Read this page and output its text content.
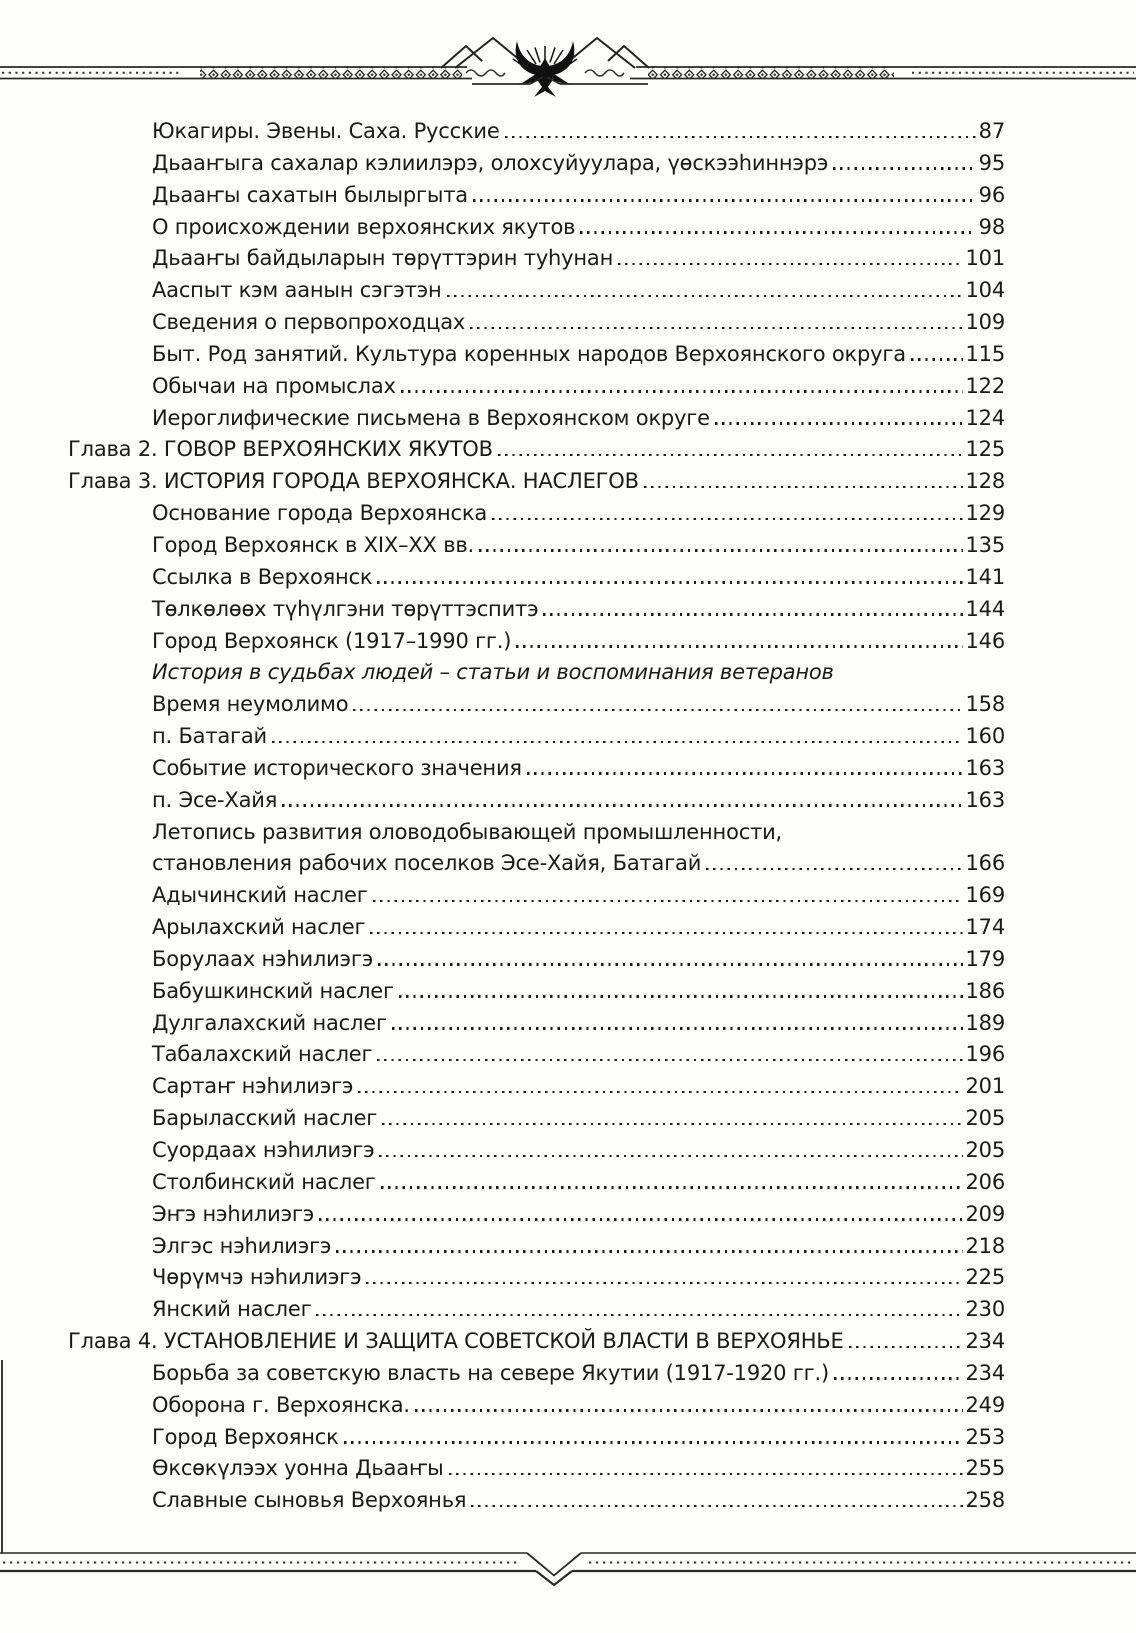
Юкагиры. Эвены. Саха. Русские	87
Дьааҥыга сахалар кэлиилэрэ, олохсуйуулара, үөскээһиннэрэ	95
Дьааҥы сахатын былыргыта	96
О происхождении верхоянских якутов	98
Дьааҥы байдыларын төрүттэрин туһунан	101
Ааспыт кэм аанын сэгэтэн	104
Сведения о первопроходцах	109
Быт. Род занятий. Культура коренных народов Верхоянского округа	115
Обычаи на промыслах	122
Иероглифические письмена в Верхоянском округе	124
Глава 2. ГОВОР ВЕРХОЯНСКИХ ЯКУТОВ	125
Глава 3. ИСТОРИЯ ГОРОДА ВЕРХОЯНСКА. НАСЛЕГОВ	128
Основание города Верхоянска	129
Город Верхоянск в XIX–XX вв.	135
Ссылка в Верхоянск	141
Төлкөлөөх түһүлгэни төрүттэспитэ	144
Город Верхоянск (1917–1990 гг.)	146
История в судьбах людей – статьи и воспоминания ветеранов
Время неумолимо	158
п. Батагай	160
Событие исторического значения	163
п. Эсе-Хайя	163
Летопись развития оловодобывающей промышленности,
становления рабочих поселков Эсе-Хайя, Батагай	166
Адычинский наслег	169
Арылахский наслег	174
Борулаах нэһилиэгэ	179
Бабушкинский наслег	186
Дулгалахский наслег	189
Табалахский наслег	196
Сартаҥ нэһилиэгэ	201
Барыласский наслег	205
Суордаах нэһилиэгэ	205
Столбинский наслег	206
Эҥэ нэһилиэгэ	209
Элгэс нэһилиэгэ	218
Чөрүмчэ нэһилиэгэ	225
Янский наслег	230
Глава 4. УСТАНОВЛЕНИЕ И ЗАЩИТА СОВЕТСКОЙ ВЛАСТИ В ВЕРХОЯНЬЕ	234
Борьба за советскую власть на севере Якутии (1917-1920 гг.)	234
Оборона г. Верхоянска.	249
Город Верхоянск	253
Өксөкүлээх уонна Дьааҥы	255
Славные сыновья Верхоянья	258
